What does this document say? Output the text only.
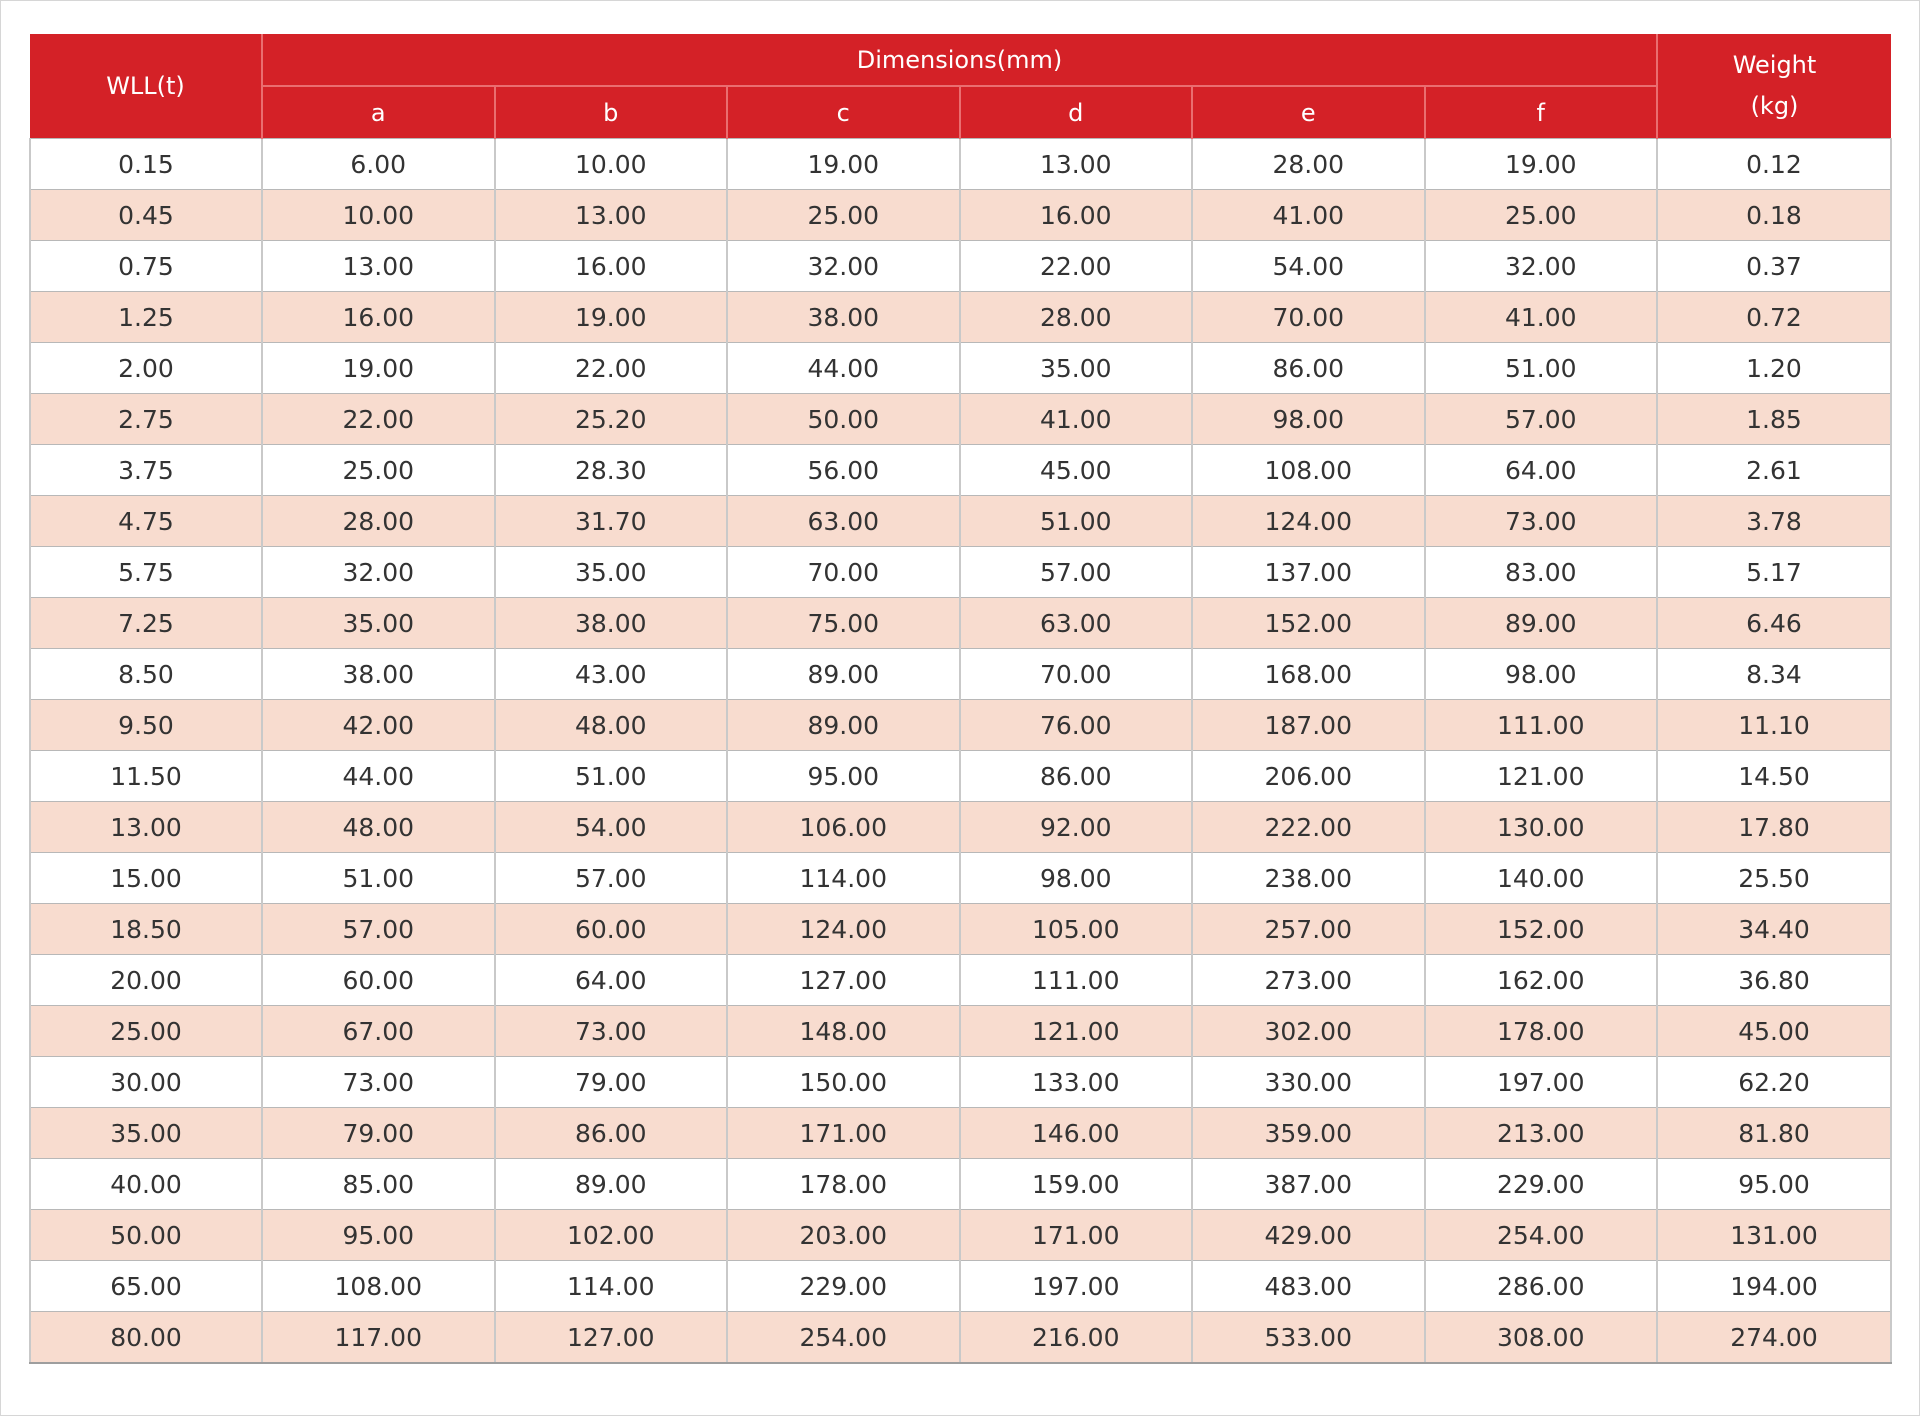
WLL(t)	Dimensions(mm)						Weight
(kg)
	a	b	c	d	e	f	
0.15	6.00	10.00	19.00	13.00	28.00	19.00	0.12
0.45	10.00	13.00	25.00	16.00	41.00	25.00	0.18
0.75	13.00	16.00	32.00	22.00	54.00	32.00	0.37
1.25	16.00	19.00	38.00	28.00	70.00	41.00	0.72
2.00	19.00	22.00	44.00	35.00	86.00	51.00	1.20
2.75	22.00	25.20	50.00	41.00	98.00	57.00	1.85
3.75	25.00	28.30	56.00	45.00	108.00	64.00	2.61
4.75	28.00	31.70	63.00	51.00	124.00	73.00	3.78
5.75	32.00	35.00	70.00	57.00	137.00	83.00	5.17
7.25	35.00	38.00	75.00	63.00	152.00	89.00	6.46
8.50	38.00	43.00	89.00	70.00	168.00	98.00	8.34
9.50	42.00	48.00	89.00	76.00	187.00	111.00	11.10
11.50	44.00	51.00	95.00	86.00	206.00	121.00	14.50
13.00	48.00	54.00	106.00	92.00	222.00	130.00	17.80
15.00	51.00	57.00	114.00	98.00	238.00	140.00	25.50
18.50	57.00	60.00	124.00	105.00	257.00	152.00	34.40
20.00	60.00	64.00	127.00	111.00	273.00	162.00	36.80
25.00	67.00	73.00	148.00	121.00	302.00	178.00	45.00
30.00	73.00	79.00	150.00	133.00	330.00	197.00	62.20
35.00	79.00	86.00	171.00	146.00	359.00	213.00	81.80
40.00	85.00	89.00	178.00	159.00	387.00	229.00	95.00
50.00	95.00	102.00	203.00	171.00	429.00	254.00	131.00
65.00	108.00	114.00	229.00	197.00	483.00	286.00	194.00
80.00	117.00	127.00	254.00	216.00	533.00	308.00	274.00
